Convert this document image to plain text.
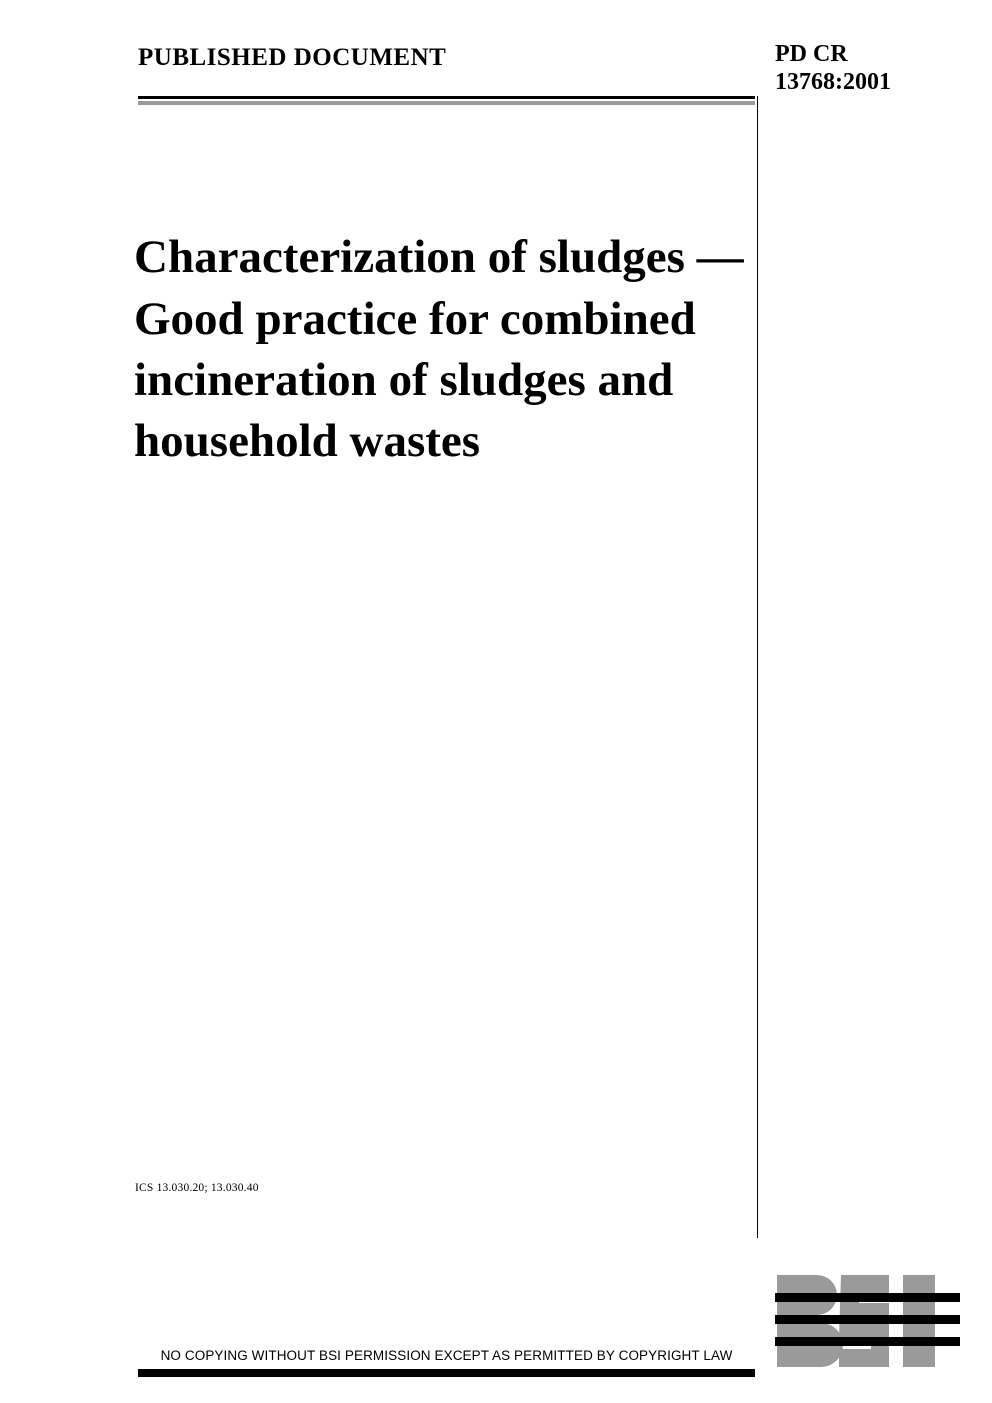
PUBLISHED DOCUMENT	PD CR
13768:2001
Characterization of sludges — Good practice for combined incineration of sludges and household wastes
ICS 13.030.20; 13.030.40
NO COPYING WITHOUT BSI PERMISSION EXCEPT AS PERMITTED BY COPYRIGHT LAW
